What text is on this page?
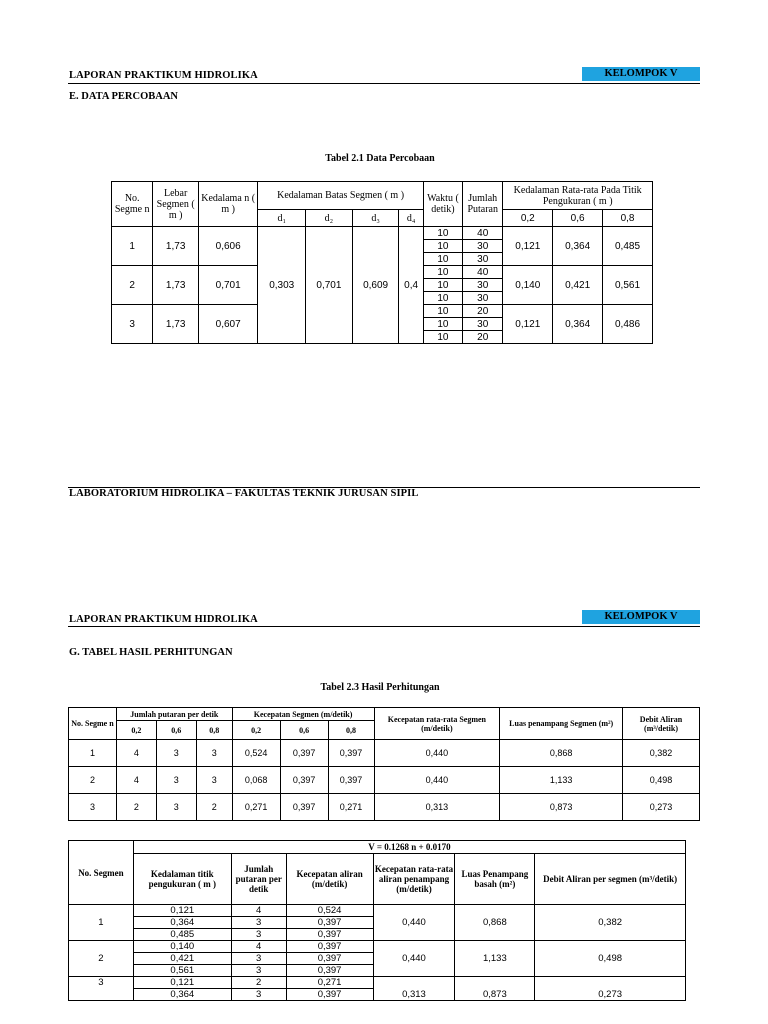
LAPORAN PRAKTIKUM HIDROLIKA	KELOMPOK V
E. DATA PERCOBAAN
Tabel 2.1 Data Percobaan
No. Segme n	Lebar Segmen ( m )	Kedalama n ( m )	Kedalaman Batas Segmen ( m )				Waktu ( detik)	Jumlah Putaran	Kedalaman Rata-rata Pada Titik Pengukuran ( m )		
			d₁	d₂	d₃	d₄			0,2	0,6	0,8
1	1,73	0,606	0,303	0,701	0,609	0,4	10	40	0,121	0,364	0,485
							10	30			
							10	30			
2	1,73	0,701					10	40	0,140	0,421	0,561
							10	30			
							10	30			
3	1,73	0,607					10	20	0,121	0,364	0,486
							10	30			
							10	20			
LABORATORIUM HIDROLIKA – FAKULTAS TEKNIK JURUSAN SIPIL
LAPORAN PRAKTIKUM HIDROLIKA	KELOMPOK V
G. TABEL HASIL PERHITUNGAN
Tabel 2.3 Hasil Perhitungan
No. Segme n	Jumlah putaran per detik			Kecepatan Segmen (m/detik)			Kecepatan rata-rata Segmen (m/detik)	Luas penampang Segmen (m²)	Debit Aliran (m³/detik)
	0,2	0,6	0,8	0,2	0,6	0,8			
1	4	3	3	0,524	0,397	0,397	0,440	0,868	0,382
2	4	3	3	0,068	0,397	0,397	0,440	1,133	0,498
3	2	3	2	0,271	0,397	0,271	0,313	0,873	0,273
No. Segmen	V = 0.1268 n + 0.0170					
	Kedalaman titik pengukuran ( m )	Jumlah putaran per detik	Kecepatan aliran (m/detik)	Kecepatan rata-rata aliran penampang (m/detik)	Luas Penampang basah (m²)	Debit Aliran per segmen (m³/detik)
1	0,121	4	0,524	0,440	0,868	0,382
	0,364	3	0,397			
	0,485	3	0,397			
2	0,140	4	0,397	0,440	1,133	0,498
	0,421	3	0,397			
	0,561	3	0,397			
3	0,121	2	0,271	0,313	0,873	0,273
	0,364	3	0,397			
